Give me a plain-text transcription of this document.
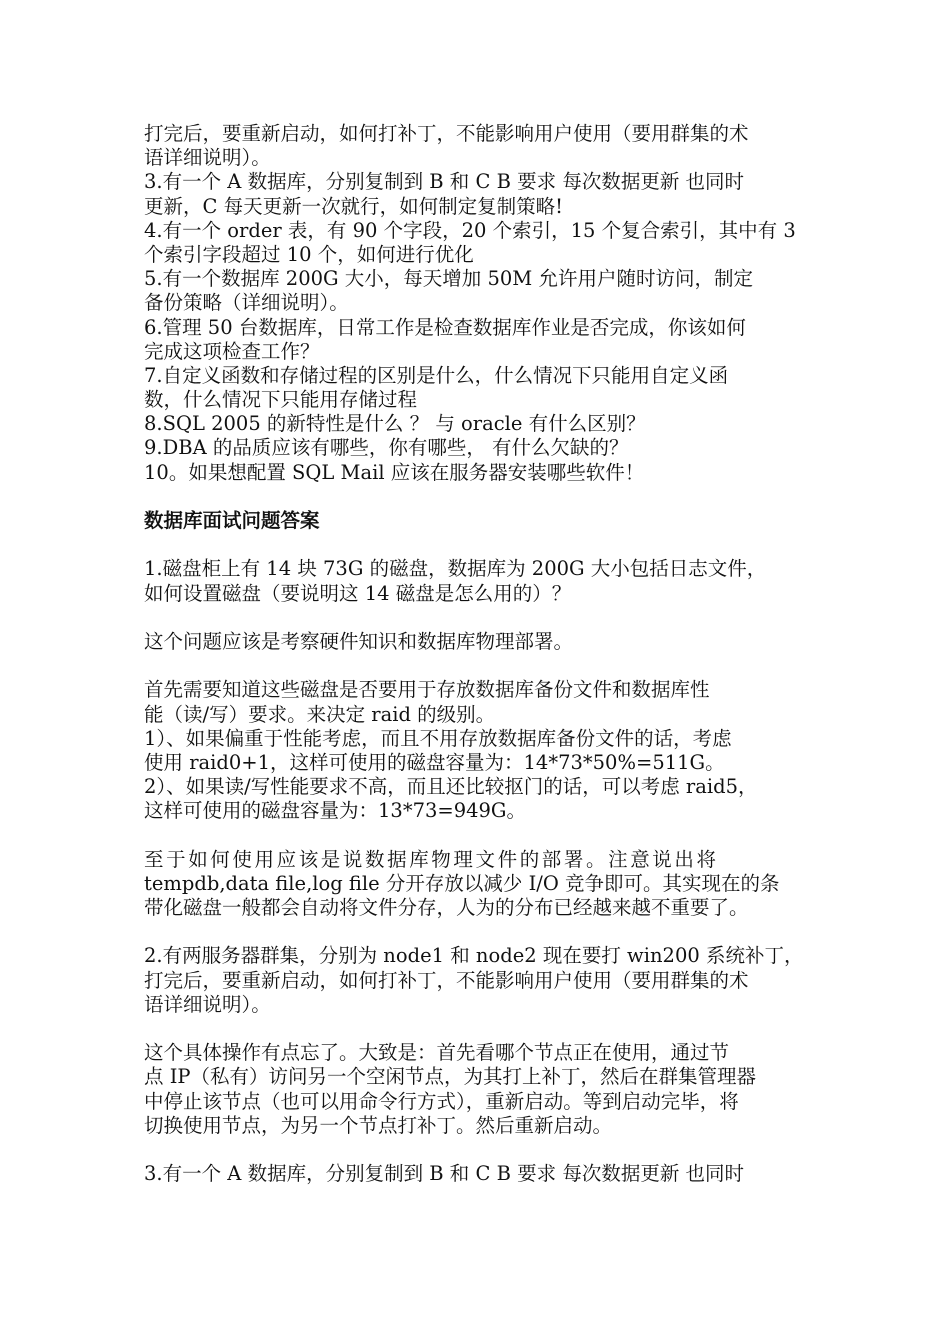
打完后，要重新启动，如何打补丁，不能影响用户使用（要用群集的术
语详细说明）。
3.有一个 A 数据库，分别复制到 B 和 C B 要求 每次数据更新 也同时
更新，C 每天更新一次就行，如何制定复制策略!
4.有一个 order 表，有 90 个字段，20 个索引，15 个复合索引，其中有 3
个索引字段超过 10 个，如何进行优化
5.有一个数据库 200G 大小，每天增加 50M 允许用户随时访问，制定
备份策略（详细说明）。
6.管理 50 台数据库，日常工作是检查数据库作业是否完成，你该如何
完成这项检查工作？
7.自定义函数和存储过程的区别是什么，什么情况下只能用自定义函
数，什么情况下只能用存储过程
8.SQL 2005 的新特性是什么 ？ 与 oracle 有什么区别？
9.DBA 的品质应该有哪些，你有哪些， 有什么欠缺的？
10。如果想配置 SQL Mail 应该在服务器安装哪些软件！
数据库面试问题答案
1.磁盘柜上有 14 块 73G 的磁盘，数据库为 200G 大小包括日志文件，
如何设置磁盘（要说明这 14 磁盘是怎么用的）？
这个问题应该是考察硬件知识和数据库物理部署。
首先需要知道这些磁盘是否要用于存放数据库备份文件和数据库性
能（读/写）要求。来决定 raid 的级别。
1）、如果偏重于性能考虑，而且不用存放数据库备份文件的话，考虑
使用 raid0+1，这样可使用的磁盘容量为：14*73*50%=511G。
2）、如果读/写性能要求不高，而且还比较抠门的话，可以考虑 raid5，
这样可使用的磁盘容量为：13*73=949G。
至于如何使用应该是说数据库物理文件的部署。注意说出将
tempdb,data file,log file 分开存放以减少 I/O 竞争即可。其实现在的条
带化磁盘一般都会自动将文件分存，人为的分布已经越来越不重要了。
2.有两服务器群集，分别为 node1 和 node2 现在要打 win200 系统补丁，
打完后，要重新启动，如何打补丁，不能影响用户使用（要用群集的术
语详细说明）。
这个具体操作有点忘了。大致是：首先看哪个节点正在使用，通过节
点 IP（私有）访问另一个空闲节点，为其打上补丁，然后在群集管理器
中停止该节点（也可以用命令行方式），重新启动。等到启动完毕，将
切换使用节点，为另一个节点打补丁。然后重新启动。
3.有一个 A 数据库，分别复制到 B 和 C B 要求 每次数据更新 也同时
